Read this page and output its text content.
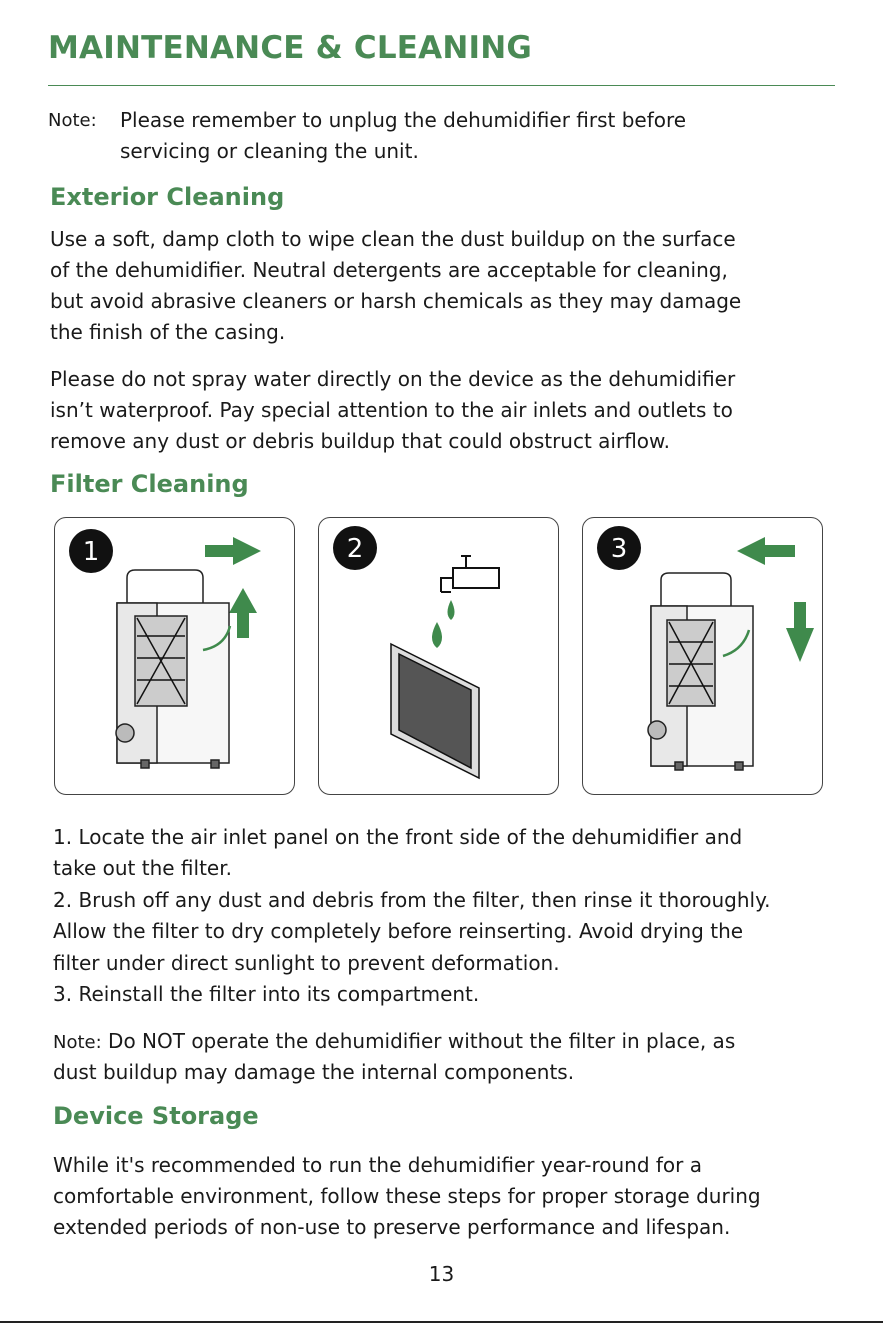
MAINTENANCE & CLEANING

Note: Please remember to unplug the dehumidifier first before

servicing or cleaning the unit.

Exterior Cleaning

Use a soft, damp cloth to wipe clean the dust buildup on the surface

of the dehumidifier. Neutral detergents are acceptable for cleaning,

but avoid abrasive cleaners or harsh chemicals as they may damage

the finish of the casing.

Please do not spray water directly on the device as the dehumidifier

isn’t waterproof. Pay special attention to the air inlets and outlets to

remove any dust or debris buildup that could obstruct airflow.

Filter Cleaning
1	2	3

1. Locate the air inlet panel on the front side of the dehumidifier and

take out the filter.

2. Brush off any dust and debris from the filter, then rinse it thoroughly.

Allow the filter to dry completely before reinserting. Avoid drying the

filter under direct sunlight to prevent deformation.

3. Reinstall the filter into its compartment.

Note: Do NOT operate the dehumidifier without the filter in place, as

dust buildup may damage the internal components.

Device Storage

While it's recommended to run the dehumidifier year-round for a

comfortable environment, follow these steps for proper storage during

extended periods of non-use to preserve performance and lifespan.

13
